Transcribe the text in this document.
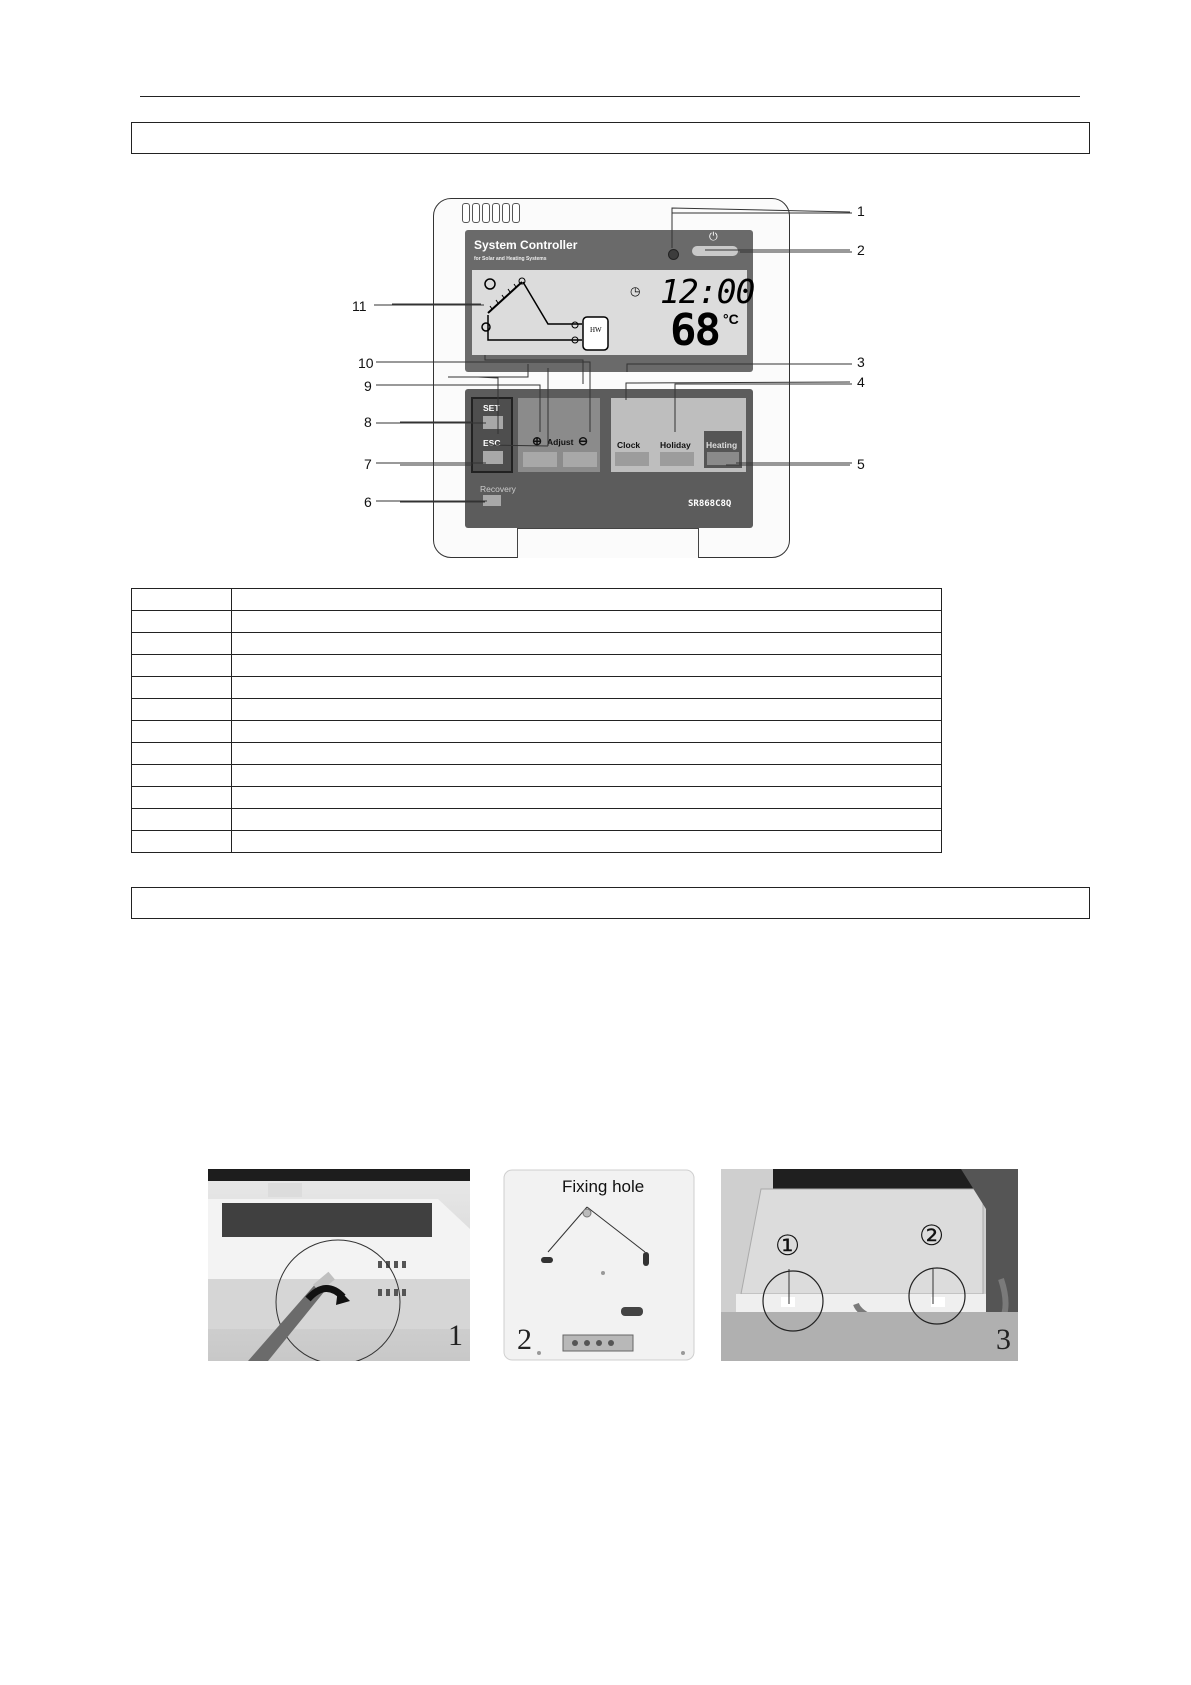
System Controller
for Solar and Heating Systems
⏻
HW
◷ 12:00
68 °C
SET
ESC	⊕ Adjust ⊖	Clock Holiday Heating
Recovery
SR868C8Q
1
2
3
4
5
6
7
8
9
10
11

1
Fixing hole
2
①	②
3
